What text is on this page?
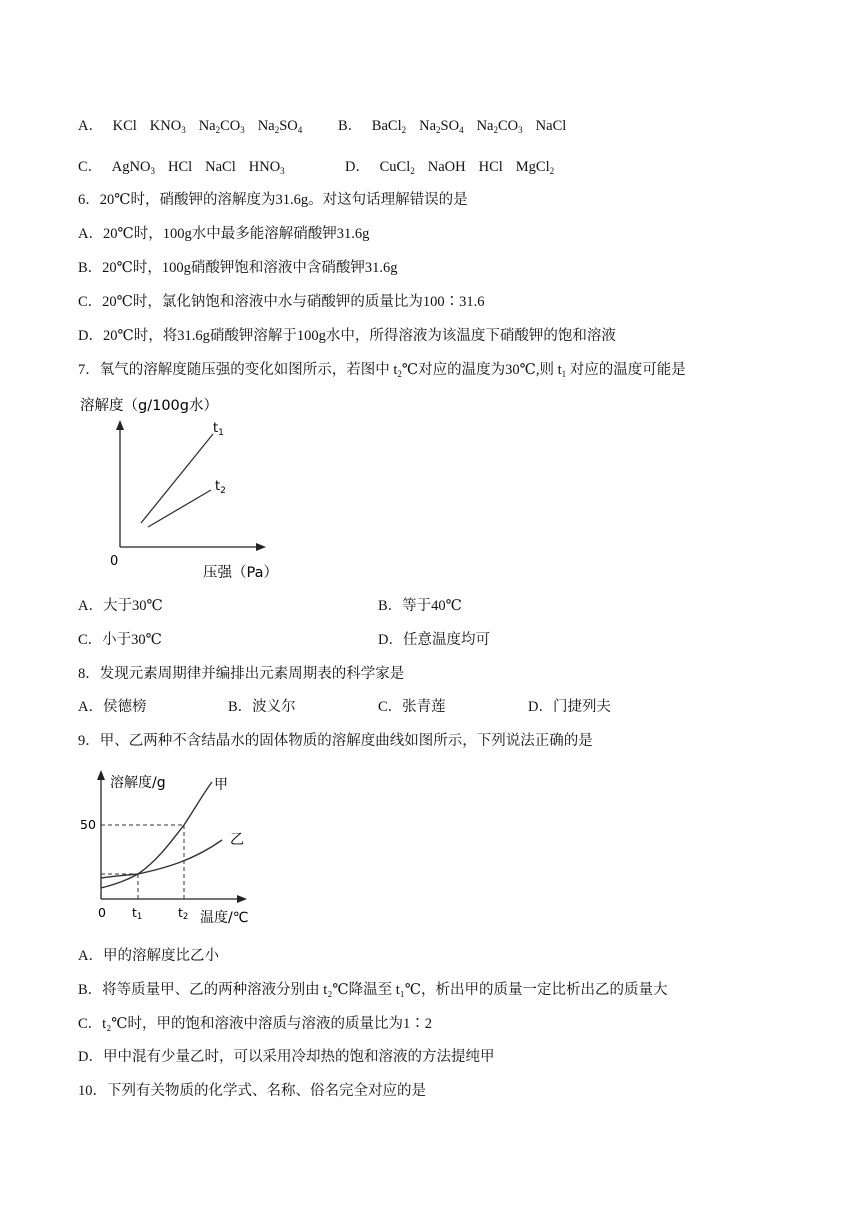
A． KCl $KNO_3$ $Na_2CO_3$ $Na_2SO_4$	B． BaCl$_2$ $Na_2SO_4$ $Na_2CO_3$ NaCl
C． AgNO$_3$ HCl NaCl $HNO_3$	D． CuCl$_2$ NaOH HCl MgCl$_2$
6．20℃时，硝酸钾的溶解度为31.6g。对这句话理解错误的是
A．20℃时，100g水中最多能溶解硝酸钾31.6g
B．20℃时，100g硝酸钾饱和溶液中含硝酸钾31.6g
C．20℃时，氯化钠饱和溶液中水与硝酸钾的质量比为100∶31.6
D．20℃时，将31.6g硝酸钾溶解于100g水中，所得溶液为该温度下硝酸钾的饱和溶液
7．氧气的溶解度随压强的变化如图所示，若图中 $t_2℃$对应的温度为30℃,则 $t_1$ 对应的温度可能是
溶解度（g/100g水）
0
压强（Pa）
$t_1$
$t_2$
A．大于30℃	B．等于40℃
C．小于30℃	D．任意温度均可
8．发现元素周期律并编排出元素周期表的科学家是
A．侯德榜	B．波义尔	C．张青莲	D．门捷列夫
9．甲、乙两种不含结晶水的固体物质的溶解度曲线如图所示，下列说法正确的是
溶解度/g
温度/℃
0
50
t1	t2
甲
乙
A．甲的溶解度比乙小
B．将等质量甲、乙的两种溶液分别由 t₂℃降温至 t₁℃，析出甲的质量一定比析出乙的质量大
C．t₂℃时，甲的饱和溶液中溶质与溶液的质量比为1∶2
D．甲中混有少量乙时，可以采用冷却热的饱和溶液的方法提纯甲
10．下列有关物质的化学式、名称、俗名完全对应的是
